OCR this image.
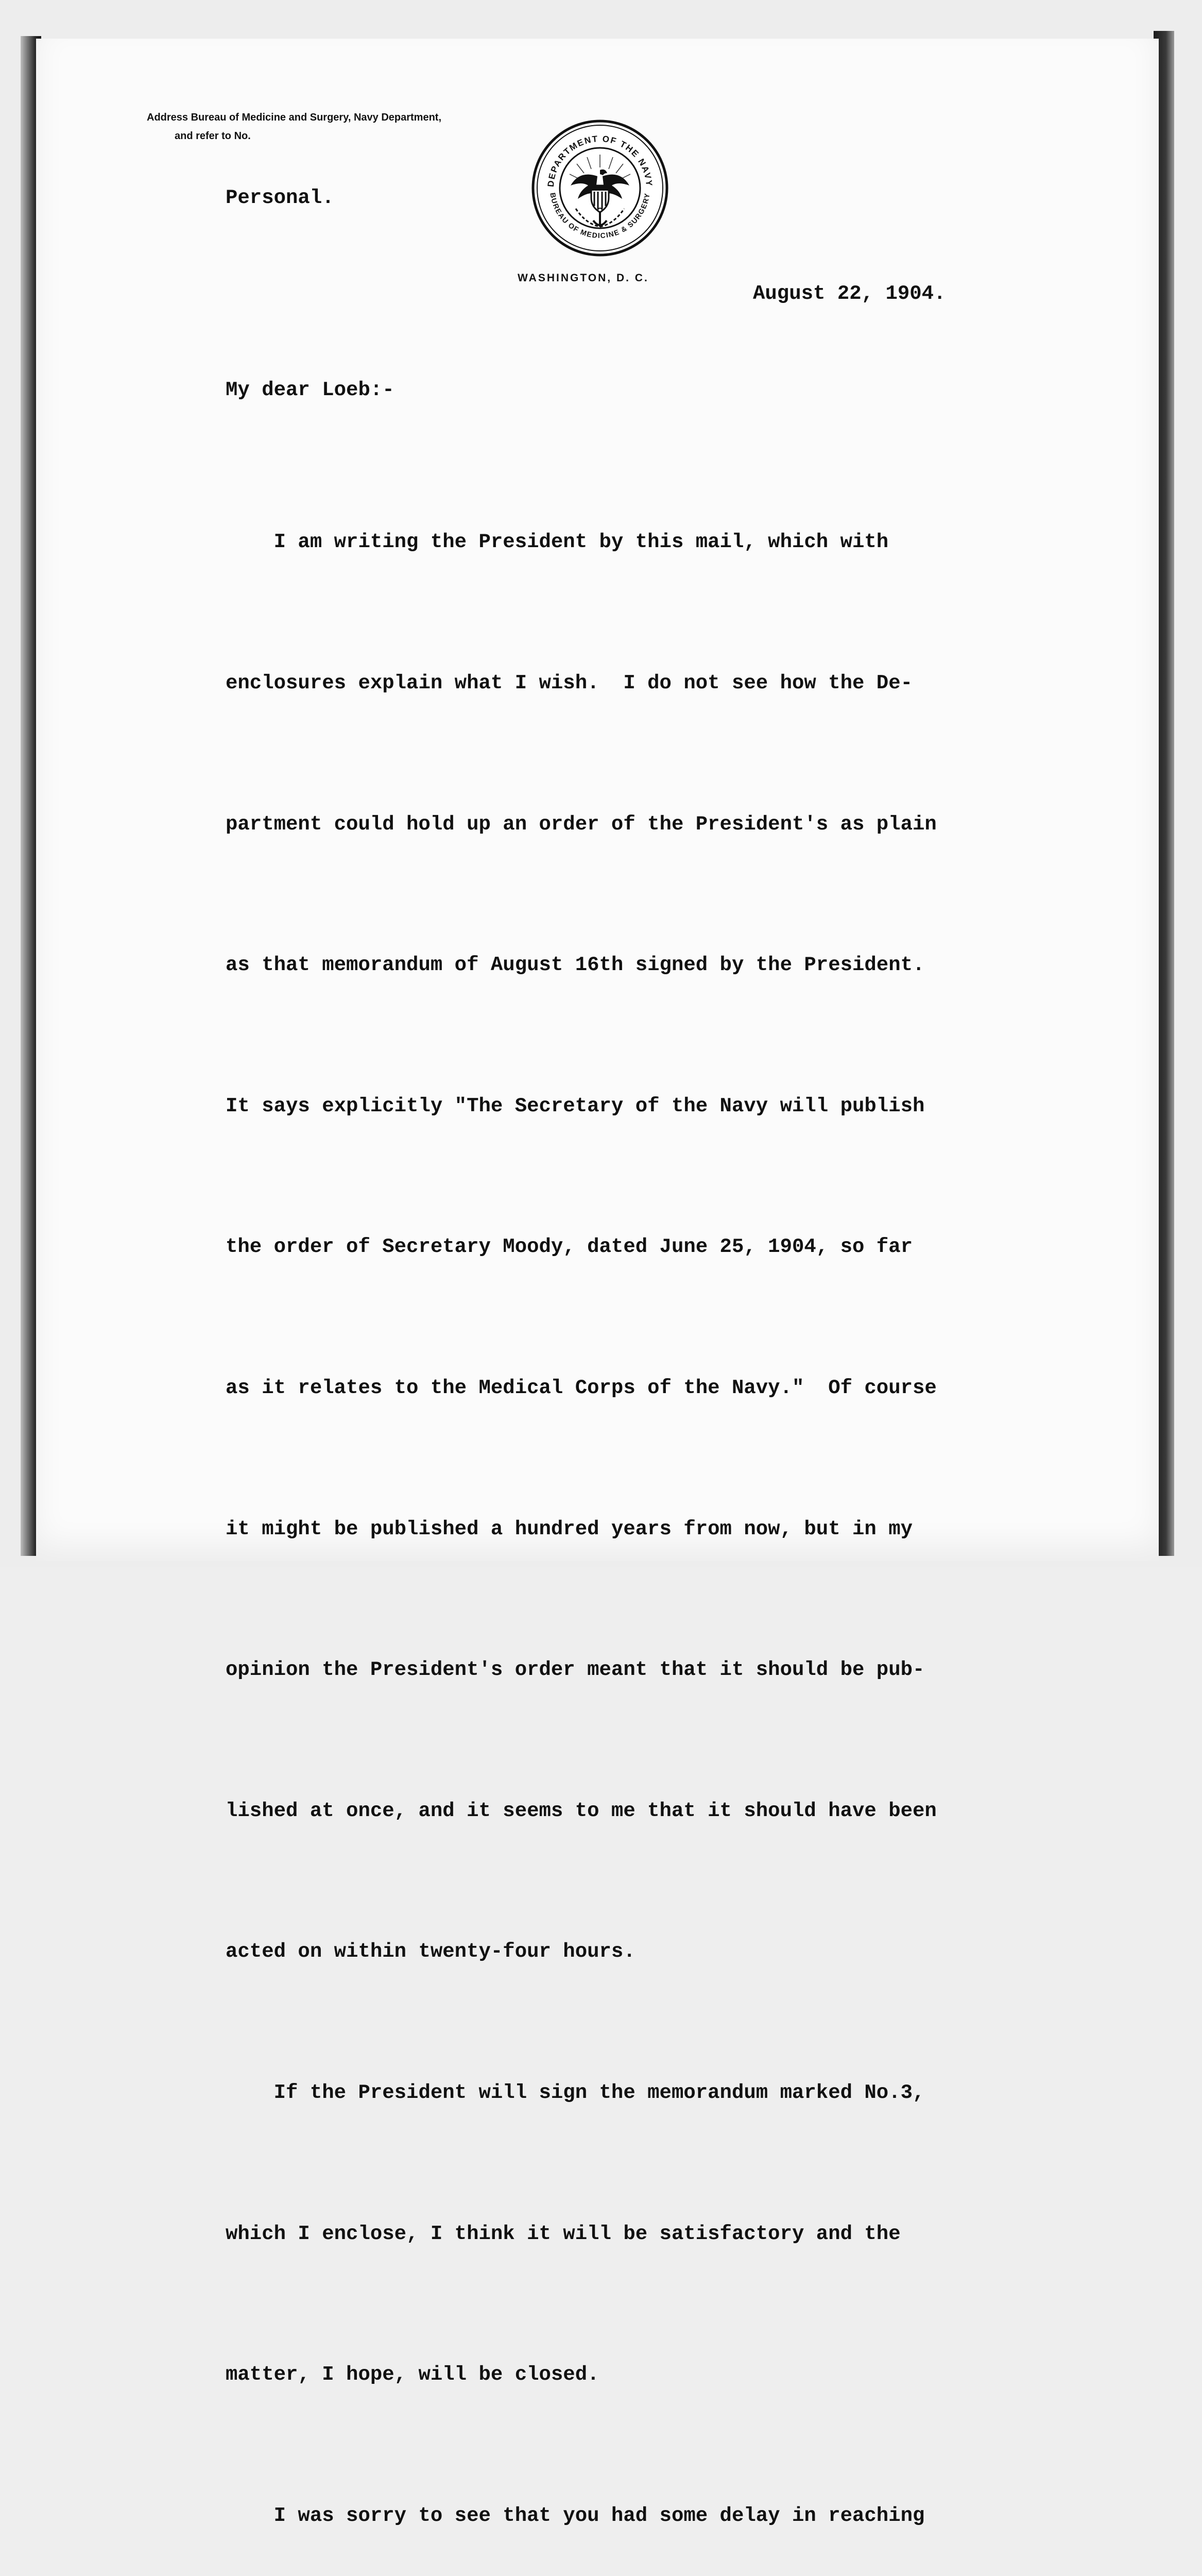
Address Bureau of Medicine and Surgery, Navy Department,
and refer to No.
DEPARTMENT OF THE NAVY
BUREAU OF MEDICINE & SURGERY
WASHINGTON, D. C.
Personal.
August 22, 1904.
My dear Loeb:-

I am writing the President by this mail, which with

enclosures explain what I wish.  I do not see how the De-

partment could hold up an order of the President's as plain

as that memorandum of August 16th signed by the President.

It says explicitly "The Secretary of the Navy will publish

the order of Secretary Moody, dated June 25, 1904, so far

as it relates to the Medical Corps of the Navy."  Of course

it might be published a hundred years from now, but in my

opinion the President's order meant that it should be pub-

lished at once, and it seems to me that it should have been

acted on within twenty-four hours.

If the President will sign the memorandum marked No.3,

which I enclose, I think it will be satisfactory and the

matter, I hope, will be closed.

I was sorry to see that you had some delay in reaching
